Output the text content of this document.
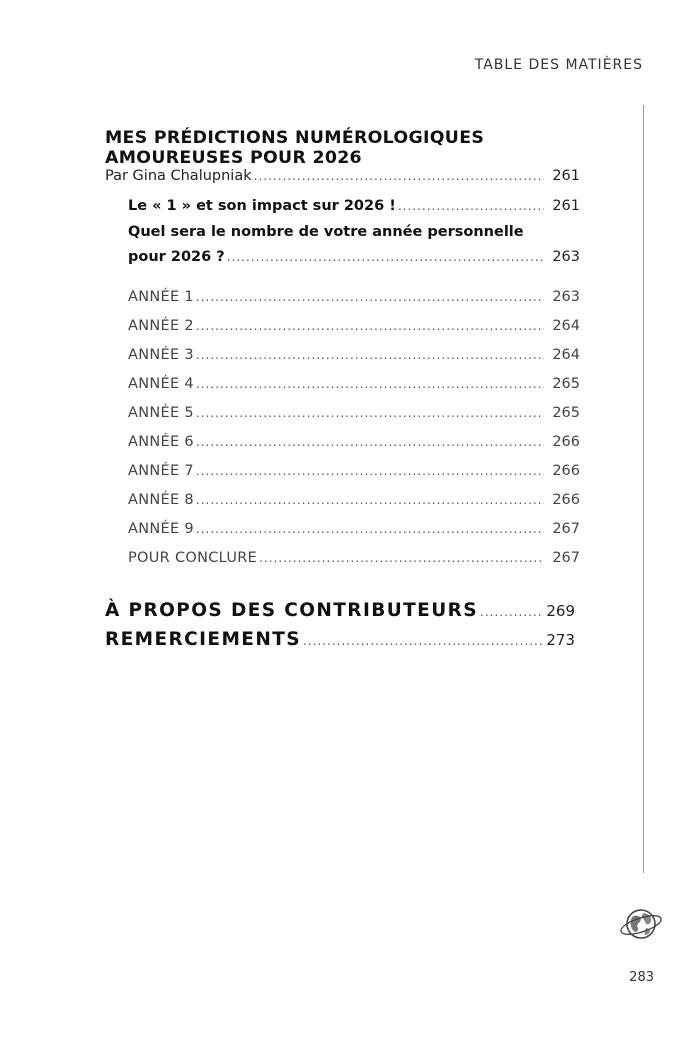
TABLE DES MATIÈRES
MES PRÉDICTIONS NUMÉROLOGIQUES
AMOUREUSES POUR 2026
Par Gina Chalupniak .....	261
Le « 1 » et son impact sur 2026 ! .....	261
Quel sera le nombre de votre année personnelle
pour 2026 ? .....	263
ANNÉE 1 .....	263
ANNÉE 2 .....	264
ANNÉE 3 .....	264
ANNÉE 4 .....	265
ANNÉE 5 .....	265
ANNÉE 6 .....	266
ANNÉE 7 .....	266
ANNÉE 8 .....	266
ANNÉE 9 .....	267
POUR CONCLURE .....	267
À PROPOS DES CONTRIBUTEURS .....	269
REMERCIEMENTS .....	273
283
